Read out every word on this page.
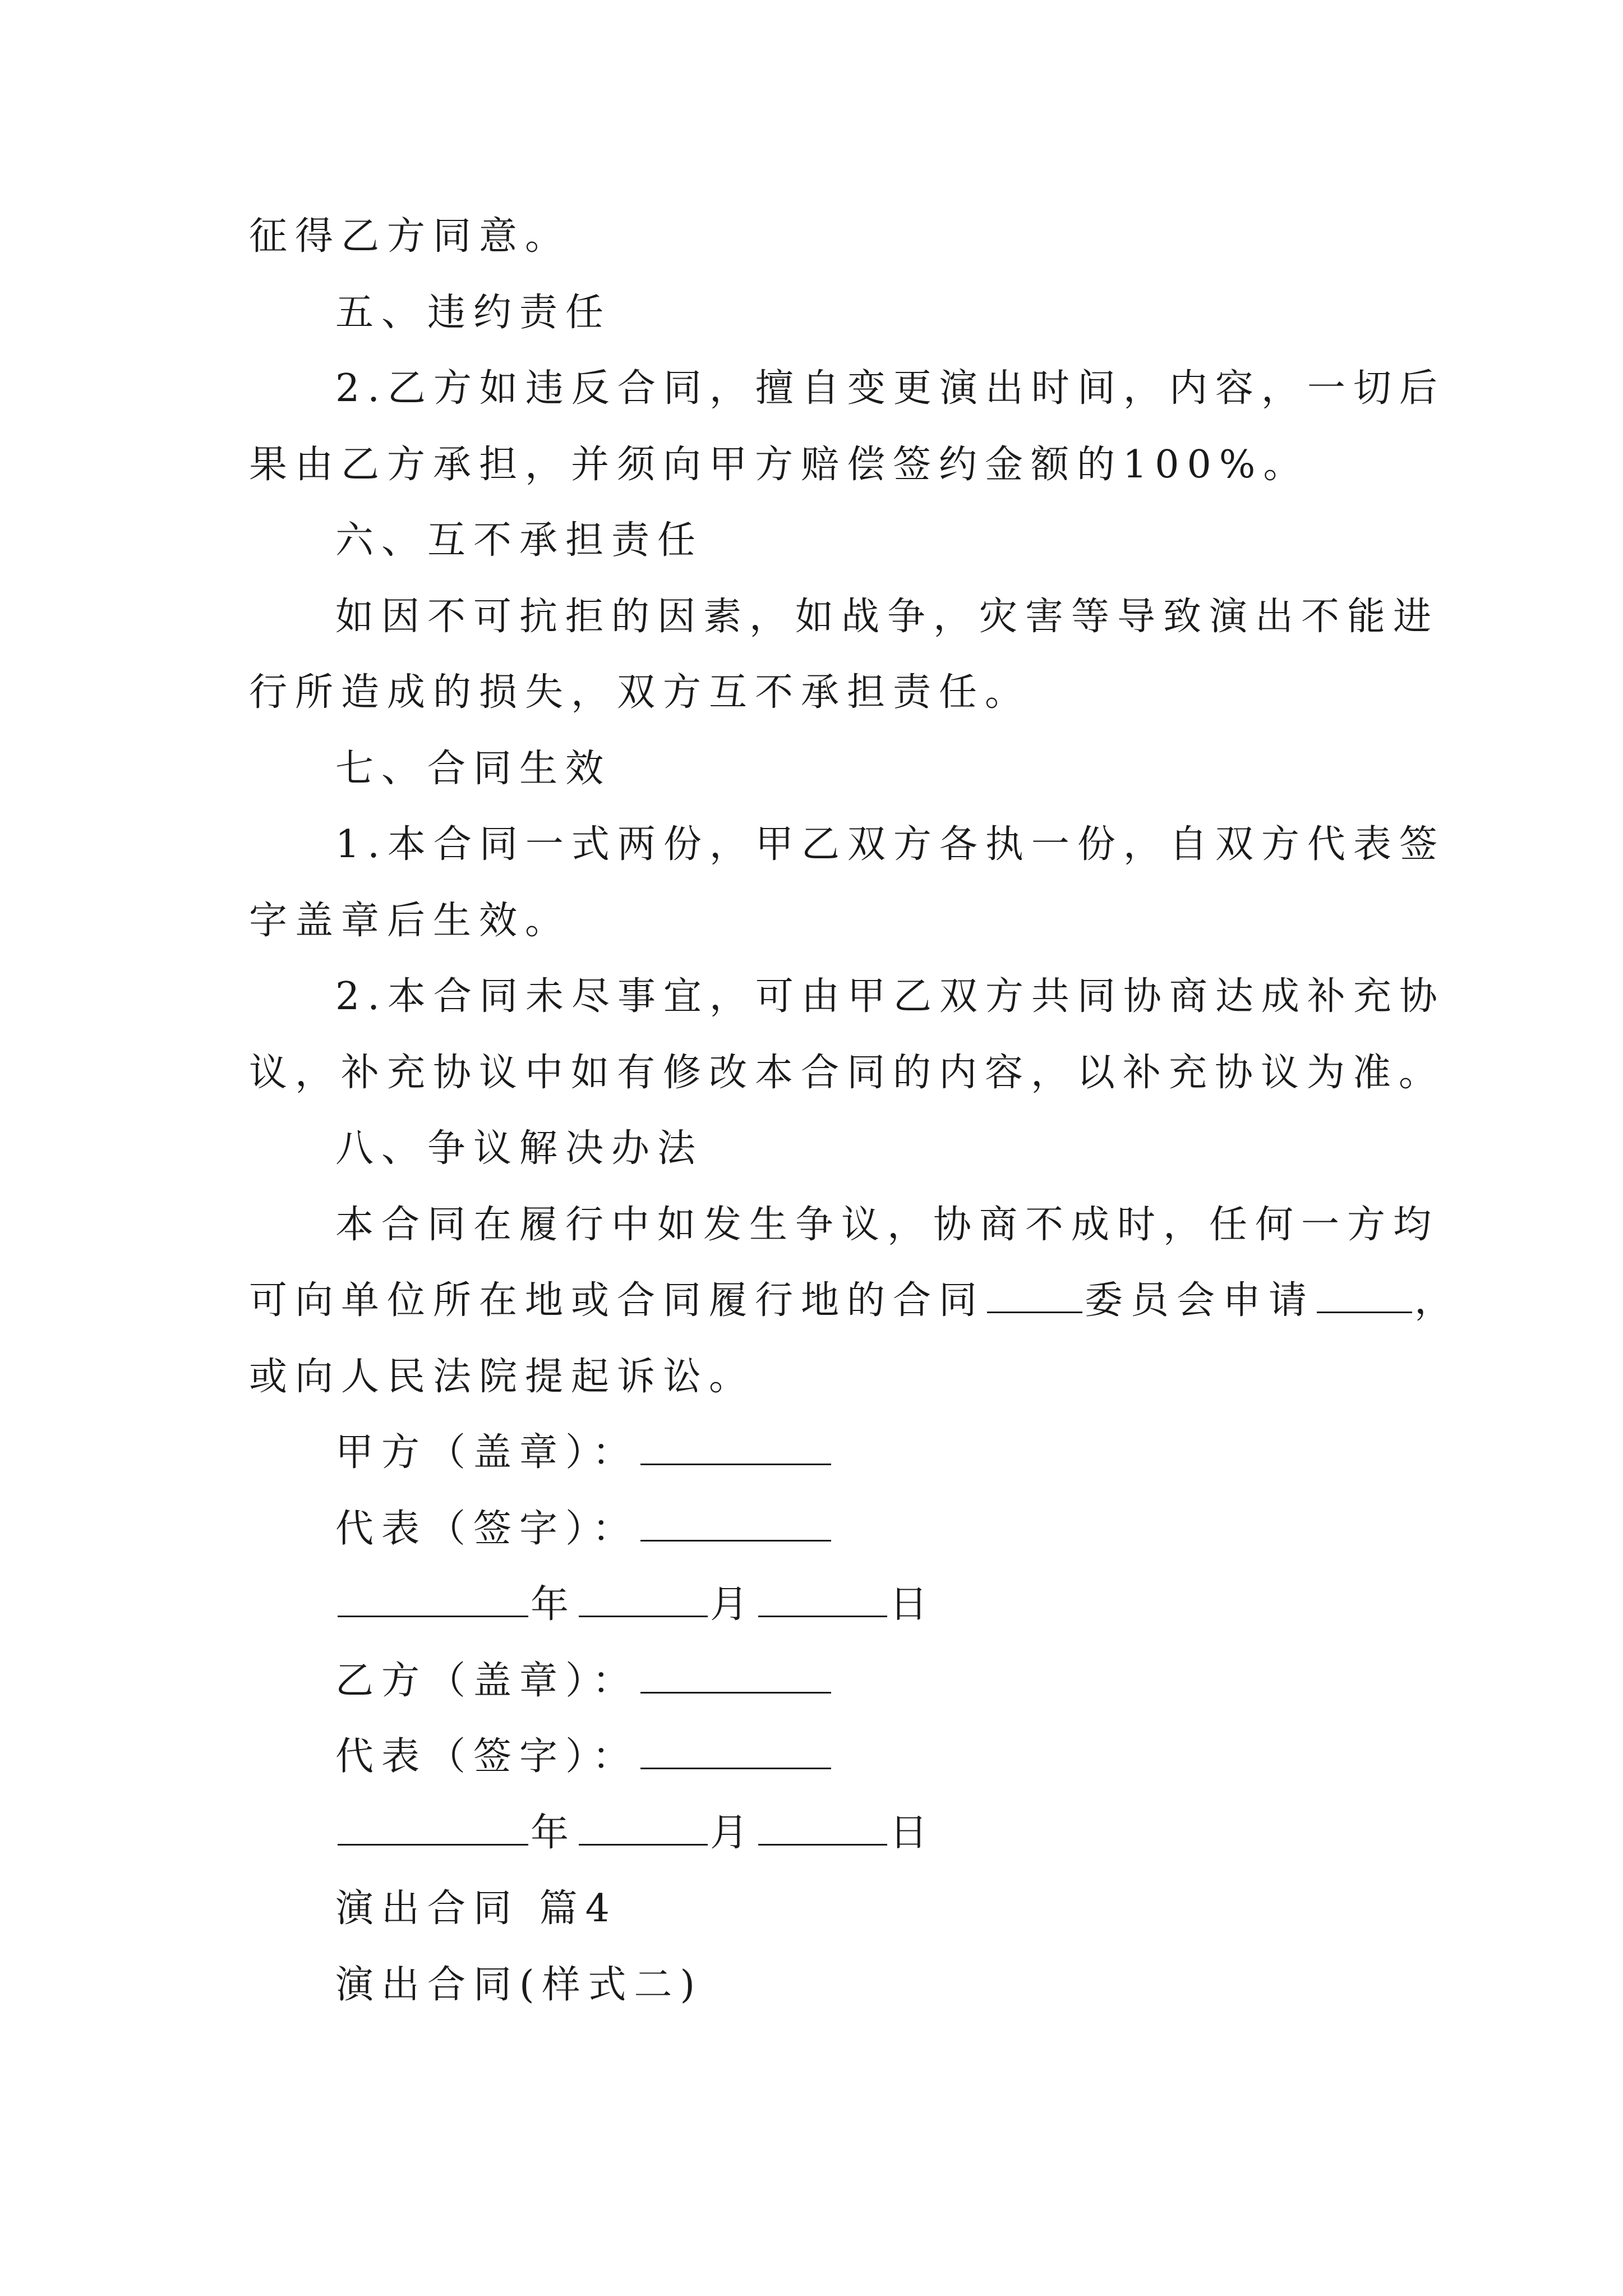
征得乙方同意。
五、违约责任
2.乙方如违反合同，擅自变更演出时间，内容，一切后
果由乙方承担，并须向甲方赔偿签约金额的100%。
六、互不承担责任
如因不可抗拒的因素，如战争，灾害等导致演出不能进
行所造成的损失，双方互不承担责任。
七、合同生效
1.本合同一式两份，甲乙双方各执一份，自双方代表签
字盖章后生效。
2.本合同未尽事宜，可由甲乙双方共同协商达成补充协
议，补充协议中如有修改本合同的内容，以补充协议为准。
八、争议解决办法
本合同在履行中如发生争议，协商不成时，任何一方均
可向单位所在地或合同履行地的合同	委员会申请	，
或向人民法院提起诉讼。
甲方（盖章）：
代表（签字）：
年	月	日
乙方（盖章）：
代表（签字）：
年	月	日
演出合同 篇4
演出合同(样式二)
